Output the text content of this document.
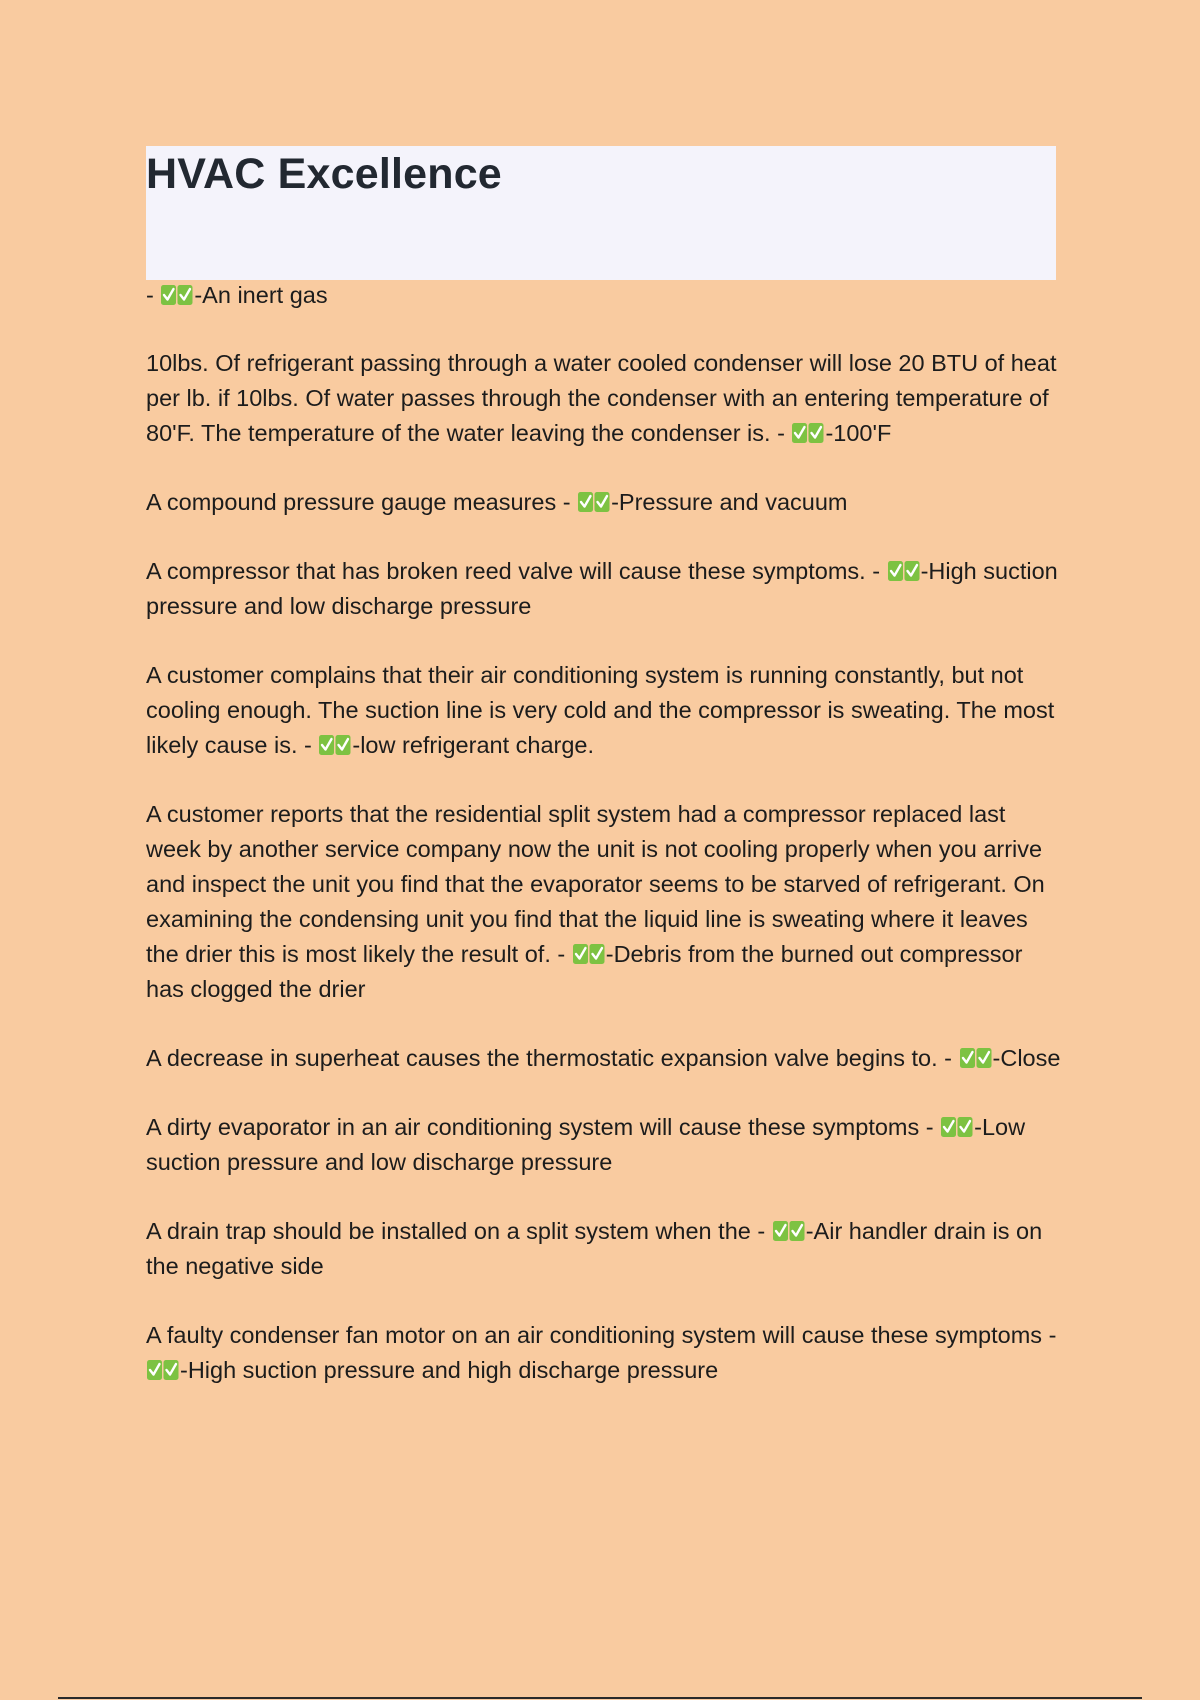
HVAC Excellence

-
-An inert gas

10lbs. Of refrigerant passing through a water cooled condenser will lose 20 BTU of heat per lb. if 10lbs. Of water passes through the condenser with an entering temperature of 80'F. The temperature of the water leaving the condenser is. -
-100'F

A compound pressure gauge measures -
-Pressure and vacuum

A compressor that has broken reed valve will cause these symptoms. -
-High suction pressure and low discharge pressure

A customer complains that their air conditioning system is running constantly, but not cooling enough. The suction line is very cold and the compressor is sweating. The most likely cause is. -
-low refrigerant charge.

A customer reports that the residential split system had a compressor replaced last week by another service company now the unit is not cooling properly when you arrive and inspect the unit you find that the evaporator seems to be starved of refrigerant. On examining the condensing unit you find that the liquid line is sweating where it leaves the drier this is most likely the result of. -
-Debris from the burned out compressor has clogged the drier

A decrease in superheat causes the thermostatic expansion valve begins to. -
-Close

A dirty evaporator in an air conditioning system will cause these symptoms -
-Low suction pressure and low discharge pressure

A drain trap should be installed on a split system when the -
-Air handler drain is on the negative side

A faulty condenser fan motor on an air conditioning system will cause these symptoms -
-High suction pressure and high discharge pressure
